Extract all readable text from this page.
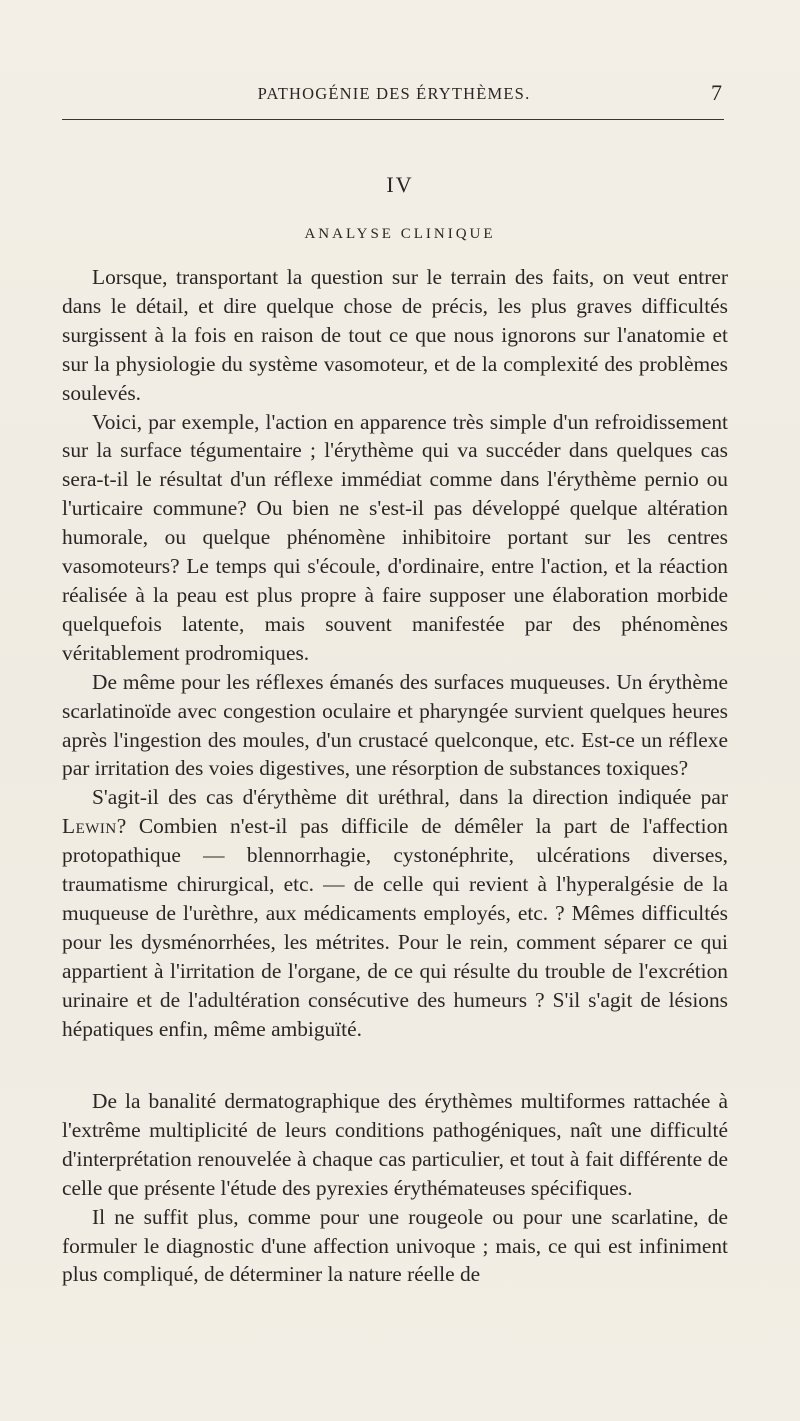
PATHOGÉNIE DES ÉRYTHÈMES.	7
IV
ANALYSE CLINIQUE

Lorsque, transportant la question sur le terrain des faits, on veut entrer dans le détail, et dire quelque chose de précis, les plus graves difficultés surgissent à la fois en raison de tout ce que nous ignorons sur l'anatomie et sur la physiologie du système vasomoteur, et de la complexité des problèmes soulevés.

Voici, par exemple, l'action en apparence très simple d'un refroidissement sur la surface tégumentaire ; l'érythème qui va succéder dans quelques cas sera-t-il le résultat d'un réflexe immédiat comme dans l'érythème pernio ou l'urticaire commune? Ou bien ne s'est-il pas développé quelque altération humorale, ou quelque phénomène inhibitoire portant sur les centres vasomoteurs? Le temps qui s'écoule, d'ordinaire, entre l'action, et la réaction réalisée à la peau est plus propre à faire supposer une élaboration morbide quelquefois latente, mais souvent manifestée par des phénomènes véritablement prodromiques.

De même pour les réflexes émanés des surfaces muqueuses. Un érythème scarlatinoïde avec congestion oculaire et pharyngée survient quelques heures après l'ingestion des moules, d'un crustacé quelconque, etc. Est-ce un réflexe par irritation des voies digestives, une résorption de substances toxiques?

S'agit-il des cas d'érythème dit uréthral, dans la direction indiquée par Lewin? Combien n'est-il pas difficile de démêler la part de l'affection protopathique — blennorrhagie, cystonéphrite, ulcérations diverses, traumatisme chirurgical, etc. — de celle qui revient à l'hyperalgésie de la muqueuse de l'urèthre, aux médicaments employés, etc. ? Mêmes difficultés pour les dysménorrhées, les métrites. Pour le rein, comment séparer ce qui appartient à l'irritation de l'organe, de ce qui résulte du trouble de l'excrétion urinaire et de l'adultération consécutive des humeurs ? S'il s'agit de lésions hépatiques enfin, même ambiguïté.

De la banalité dermatographique des érythèmes multiformes rattachée à l'extrême multiplicité de leurs conditions pathogéniques, naît une difficulté d'interprétation renouvelée à chaque cas particulier, et tout à fait différente de celle que présente l'étude des pyrexies érythémateuses spécifiques.

Il ne suffit plus, comme pour une rougeole ou pour une scarlatine, de formuler le diagnostic d'une affection univoque ; mais, ce qui est infiniment plus compliqué, de déterminer la nature réelle de
